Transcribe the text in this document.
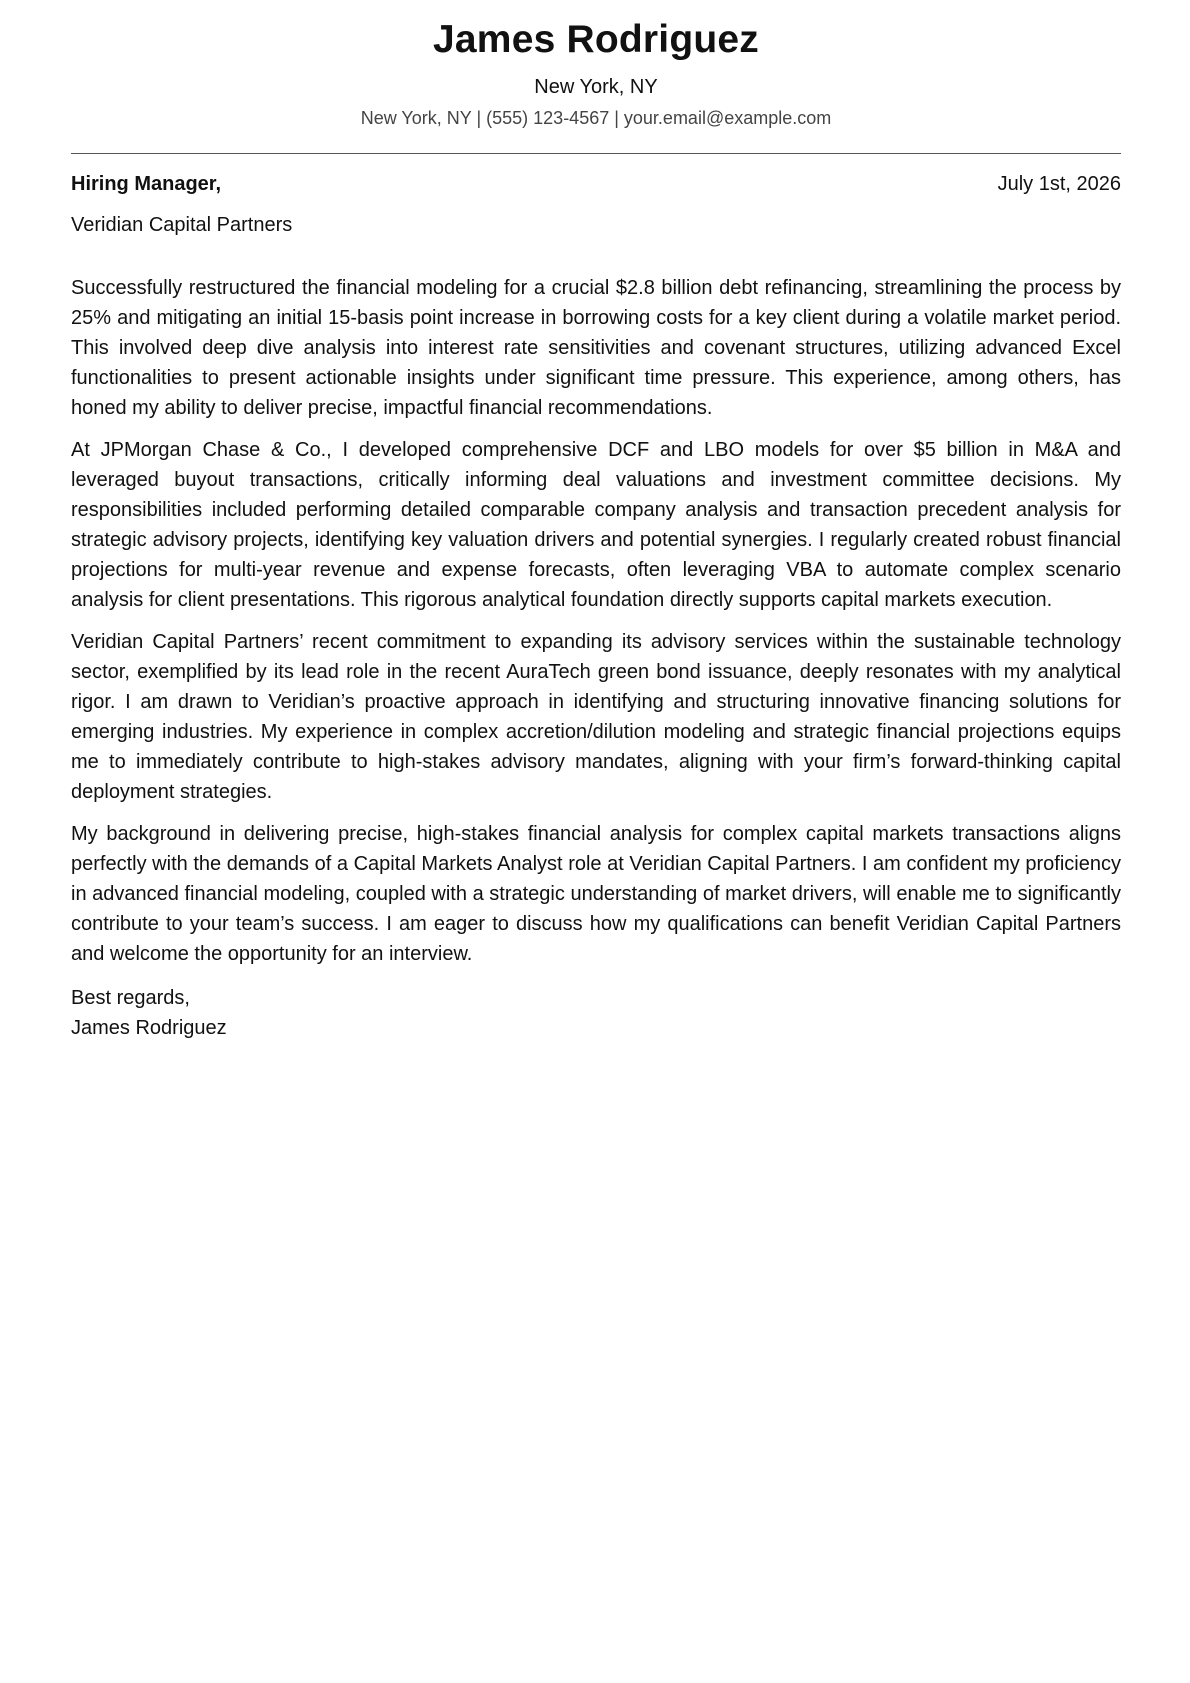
James Rodriguez
New York, NY
New York, NY | (555) 123-4567 | your.email@example.com
Hiring Manager,	July 1st, 2026
Veridian Capital Partners

Successfully restructured the financial modeling for a crucial $2.8 billion debt refinancing, streamlining the process by 25% and mitigating an initial 15-basis point increase in borrowing costs for a key client during a volatile market period. This involved deep dive analysis into interest rate sensitivities and covenant structures, utilizing advanced Excel functionalities to present actionable insights under significant time pressure. This experience, among others, has honed my ability to deliver precise, impactful financial recommendations.

At JPMorgan Chase & Co., I developed comprehensive DCF and LBO models for over $5 billion in M&A and leveraged buyout transactions, critically informing deal valuations and investment committee decisions. My responsibilities included performing detailed comparable company analysis and transaction precedent analysis for strategic advisory projects, identifying key valuation drivers and potential synergies. I regularly created robust financial projections for multi-year revenue and expense forecasts, often leveraging VBA to automate complex scenario analysis for client presentations. This rigorous analytical foundation directly supports capital markets execution.

Veridian Capital Partners’ recent commitment to expanding its advisory services within the sustainable technology sector, exemplified by its lead role in the recent AuraTech green bond issuance, deeply resonates with my analytical rigor. I am drawn to Veridian’s proactive approach in identifying and structuring innovative financing solutions for emerging industries. My experience in complex accretion/dilution modeling and strategic financial projections equips me to immediately contribute to high-stakes advisory mandates, aligning with your firm’s forward-thinking capital deployment strategies.

My background in delivering precise, high-stakes financial analysis for complex capital markets transactions aligns perfectly with the demands of a Capital Markets Analyst role at Veridian Capital Partners. I am confident my proficiency in advanced financial modeling, coupled with a strategic understanding of market drivers, will enable me to significantly contribute to your team’s success. I am eager to discuss how my qualifications can benefit Veridian Capital Partners and welcome the opportunity for an interview.

Best regards,
James Rodriguez
